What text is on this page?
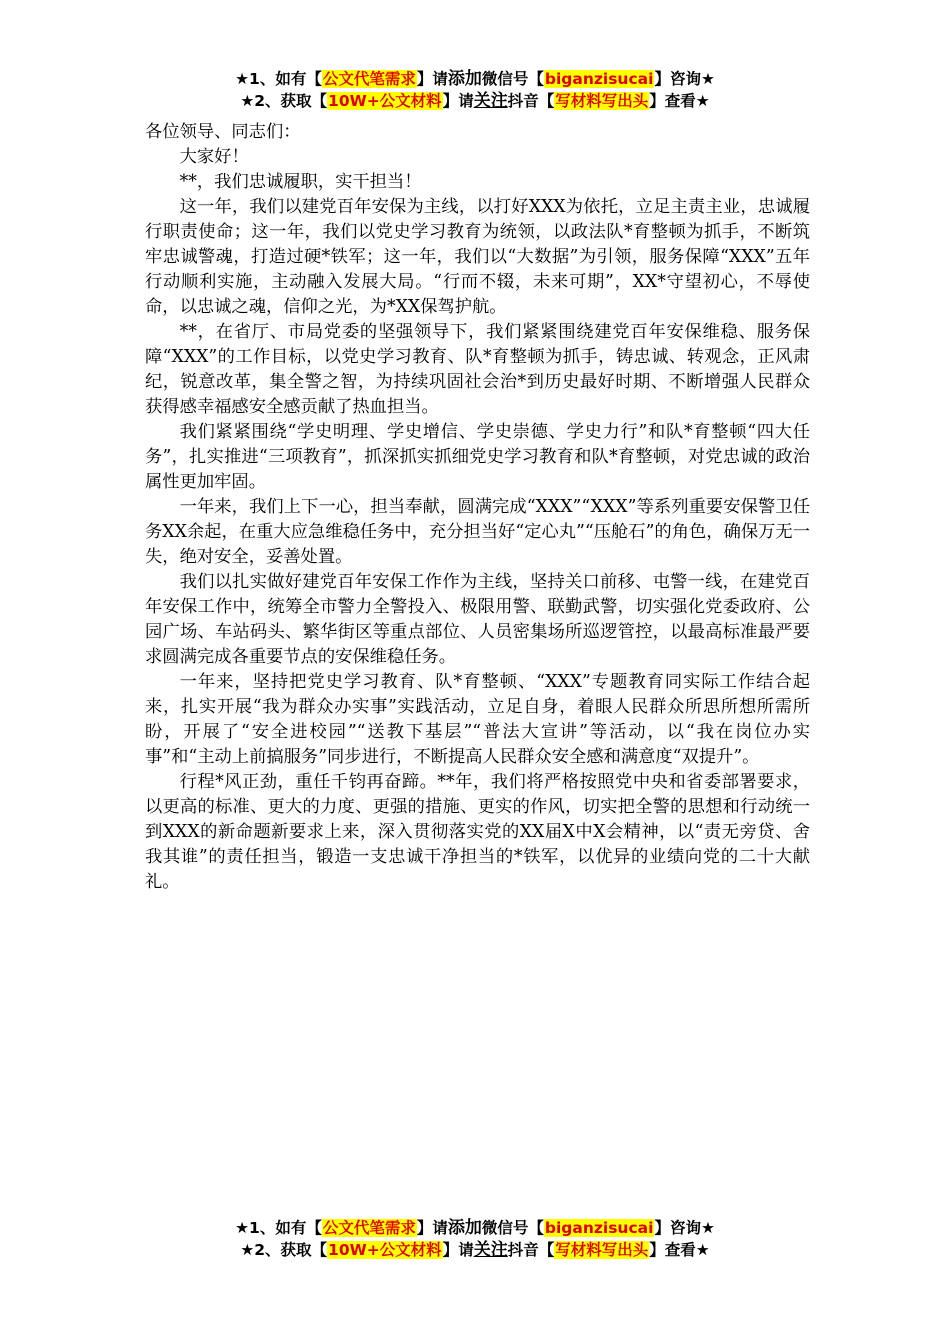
★1、如有【公文代笔需求】请添加微信号【biganzisucai】咨询★
★2、获取【10W+公文材料】请关注抖音【写材料写出头】查看★

各位领导、同志们：

大家好！

**，我们忠诚履职，实干担当！

这一年，我们以建党百年安保为主线，以打好XXX为依托，立足主责主业，忠诚履行职责使命；这一年，我们以党史学习教育为统领，以政法队*育整顿为抓手，不断筑牢忠诚警魂，打造过硬*铁军；这一年，我们以“大数据”为引领，服务保障“XXX”五年行动顺利实施，主动融入发展大局。“行而不辍，未来可期”，XX*守望初心，不辱使命，以忠诚之魂，信仰之光，为*XX保驾护航。

**，在省厅、市局党委的坚强领导下，我们紧紧围绕建党百年安保维稳、服务保障“XXX”的工作目标，以党史学习教育、队*育整顿为抓手，铸忠诚、转观念，正风肃纪，锐意改革，集全警之智，为持续巩固社会治*到历史最好时期、不断增强人民群众获得感幸福感安全感贡献了热血担当。

我们紧紧围绕“学史明理、学史增信、学史崇德、学史力行”和队*育整顿“四大任务”，扎实推进“三项教育”，抓深抓实抓细党史学习教育和队*育整顿，对党忠诚的政治属性更加牢固。

一年来，我们上下一心，担当奉献，圆满完成“XXX”“XXX”等系列重要安保警卫任务XX余起，在重大应急维稳任务中，充分担当好“定心丸”“压舱石”的角色，确保万无一失，绝对安全，妥善处置。

我们以扎实做好建党百年安保工作作为主线，坚持关口前移、屯警一线，在建党百年安保工作中，统筹全市警力全警投入、极限用警、联勤武警，切实强化党委政府、公园广场、车站码头、繁华街区等重点部位、人员密集场所巡逻管控，以最高标准最严要求圆满完成各重要节点的安保维稳任务。

一年来，坚持把党史学习教育、队*育整顿、“XXX”专题教育同实际工作结合起来，扎实开展“我为群众办实事”实践活动，立足自身，着眼人民群众所思所想所需所盼，开展了“安全进校园”“送教下基层”“普法大宣讲”等活动，以“我在岗位办实事”和“主动上前搞服务”同步进行，不断提高人民群众安全感和满意度“双提升”。

行程*风正劲，重任千钧再奋蹄。**年，我们将严格按照党中央和省委部署要求，以更高的标准、更大的力度、更强的措施、更实的作风，切实把全警的思想和行动统一到XXX的新命题新要求上来，深入贯彻落实党的XX届X中X会精神，以“责无旁贷、舍我其谁”的责任担当，锻造一支忠诚干净担当的*铁军，以优异的业绩向党的二十大献礼。

★1、如有【公文代笔需求】请添加微信号【biganzisucai】咨询★
★2、获取【10W+公文材料】请关注抖音【写材料写出头】查看★
